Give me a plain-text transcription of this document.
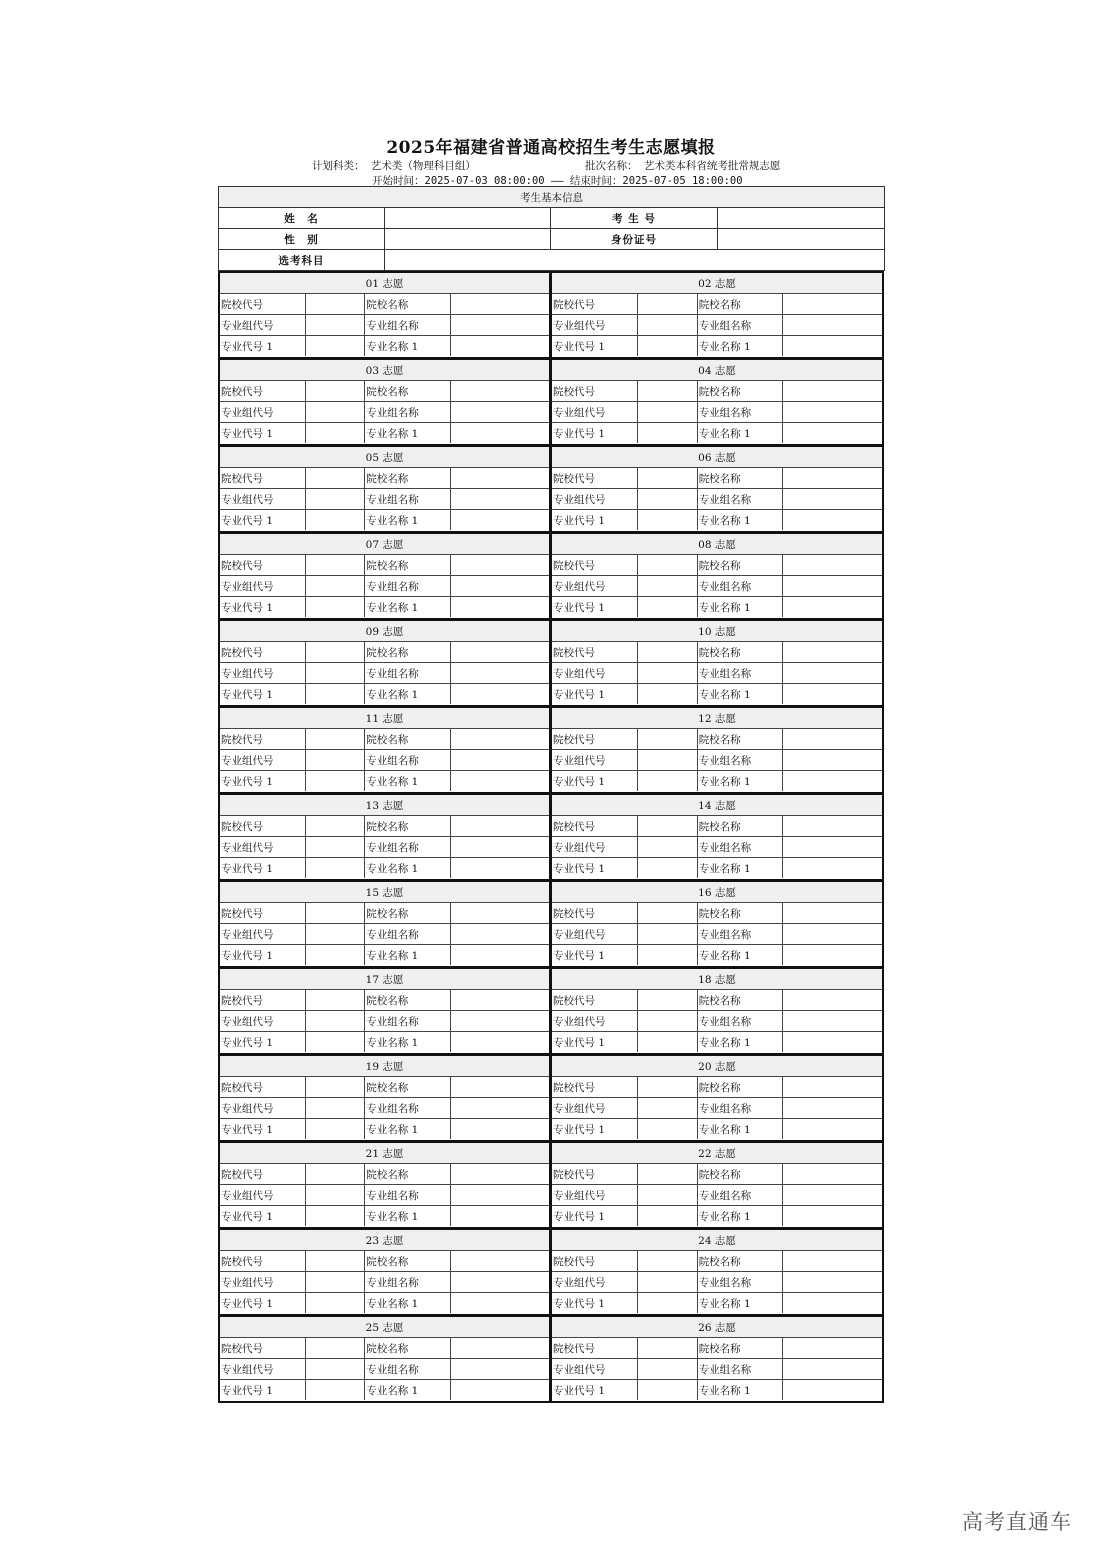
2025年福建省普通高校招生考生志愿填报
计划科类： 艺术类（物理科目组）	批次名称： 艺术类本科省统考批常规志愿
开始时间：2025-07-03 08:00:00 —— 结束时间：2025-07-05 18:00:00
考生基本信息			
姓　名		考 生 号	
性　别		身份证号	
选考科目			
01 志愿			
院校代号		院校名称	
专业组代号		专业组名称	
专业代号 1		专业名称 1	
02 志愿			
院校代号		院校名称	
专业组代号		专业组名称	
专业代号 1		专业名称 1	
03 志愿			
院校代号		院校名称	
专业组代号		专业组名称	
专业代号 1		专业名称 1	
04 志愿			
院校代号		院校名称	
专业组代号		专业组名称	
专业代号 1		专业名称 1	
05 志愿			
院校代号		院校名称	
专业组代号		专业组名称	
专业代号 1		专业名称 1	
06 志愿			
院校代号		院校名称	
专业组代号		专业组名称	
专业代号 1		专业名称 1	
07 志愿			
院校代号		院校名称	
专业组代号		专业组名称	
专业代号 1		专业名称 1	
08 志愿			
院校代号		院校名称	
专业组代号		专业组名称	
专业代号 1		专业名称 1	
09 志愿			
院校代号		院校名称	
专业组代号		专业组名称	
专业代号 1		专业名称 1	
10 志愿			
院校代号		院校名称	
专业组代号		专业组名称	
专业代号 1		专业名称 1	
11 志愿			
院校代号		院校名称	
专业组代号		专业组名称	
专业代号 1		专业名称 1	
12 志愿			
院校代号		院校名称	
专业组代号		专业组名称	
专业代号 1		专业名称 1	
13 志愿			
院校代号		院校名称	
专业组代号		专业组名称	
专业代号 1		专业名称 1	
14 志愿			
院校代号		院校名称	
专业组代号		专业组名称	
专业代号 1		专业名称 1	
15 志愿			
院校代号		院校名称	
专业组代号		专业组名称	
专业代号 1		专业名称 1	
16 志愿			
院校代号		院校名称	
专业组代号		专业组名称	
专业代号 1		专业名称 1	
17 志愿			
院校代号		院校名称	
专业组代号		专业组名称	
专业代号 1		专业名称 1	
18 志愿			
院校代号		院校名称	
专业组代号		专业组名称	
专业代号 1		专业名称 1	
19 志愿			
院校代号		院校名称	
专业组代号		专业组名称	
专业代号 1		专业名称 1	
20 志愿			
院校代号		院校名称	
专业组代号		专业组名称	
专业代号 1		专业名称 1	
21 志愿			
院校代号		院校名称	
专业组代号		专业组名称	
专业代号 1		专业名称 1	
22 志愿			
院校代号		院校名称	
专业组代号		专业组名称	
专业代号 1		专业名称 1	
23 志愿			
院校代号		院校名称	
专业组代号		专业组名称	
专业代号 1		专业名称 1	
24 志愿			
院校代号		院校名称	
专业组代号		专业组名称	
专业代号 1		专业名称 1	
25 志愿			
院校代号		院校名称	
专业组代号		专业组名称	
专业代号 1		专业名称 1	
26 志愿			
院校代号		院校名称	
专业组代号		专业组名称	
专业代号 1		专业名称 1	
高考直通车
